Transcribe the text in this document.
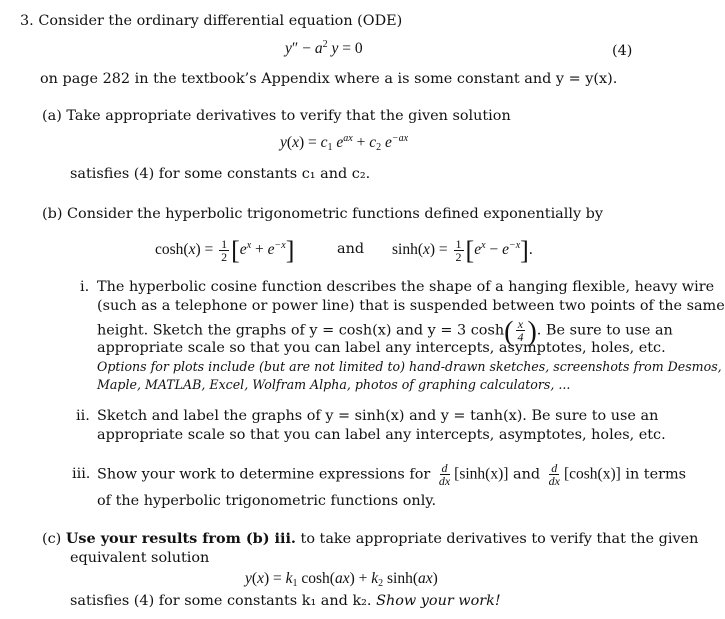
3. Consider the ordinary differential equation (ODE)
$y'' - a^2$ y = 0	(4)
on page 282 in the textbook’s Appendix where a is some constant and y = y(x).
(a) Take appropriate derivatives to verify that the given solution
$y(x) = c_1$ $e^{ax} + c_2$ $e^{-ax}$
satisfies (4) for some constants c₁ and c₂.
(b) Consider the hyperbolic trigonometric functions defined exponentially by
$\cosh(x) = \frac{1}{2} [e^x + e^{-x}]$	and $\sinh(x) = \frac{1}{2} [e^x - e^{-x}]$.
i. The hyperbolic cosine function describes the shape of a hanging flexible, heavy wire
(such as a telephone or power line) that is suspended between two points of the same
height. Sketch the graphs of y = cosh(x) and y = 3 $\cosh( \frac{x}{4}$ ). Be sure to use an
appropriate scale so that you can label any intercepts, asymptotes, holes, etc.
Options for plots include (but are not limited to) hand-drawn sketches, screenshots from Desmos,
Maple, MATLAB, Excel, Wolfram Alpha, photos of graphing calculators, ...
ii. Sketch and label the graphs of y = sinh(x) and y = tanh(x). Be sure to use an
appropriate scale so that you can label any intercepts, asymptotes, holes, etc.
iii. Show your work to determine expressions for $\frac{d}{dx} [\sinh(x)]$ and $\frac{d}{dx} [\cosh(x)]$ in terms
of the hyperbolic trigonometric functions only.
(c) Use your results from (b) iii. to take appropriate derivatives to verify that the given
equivalent solution
$y(x) = k_1$ $\cosh(ax) + k_2$ sinh(ax)
satisfies (4) for some constants k₁ and k₂. Show your work!
